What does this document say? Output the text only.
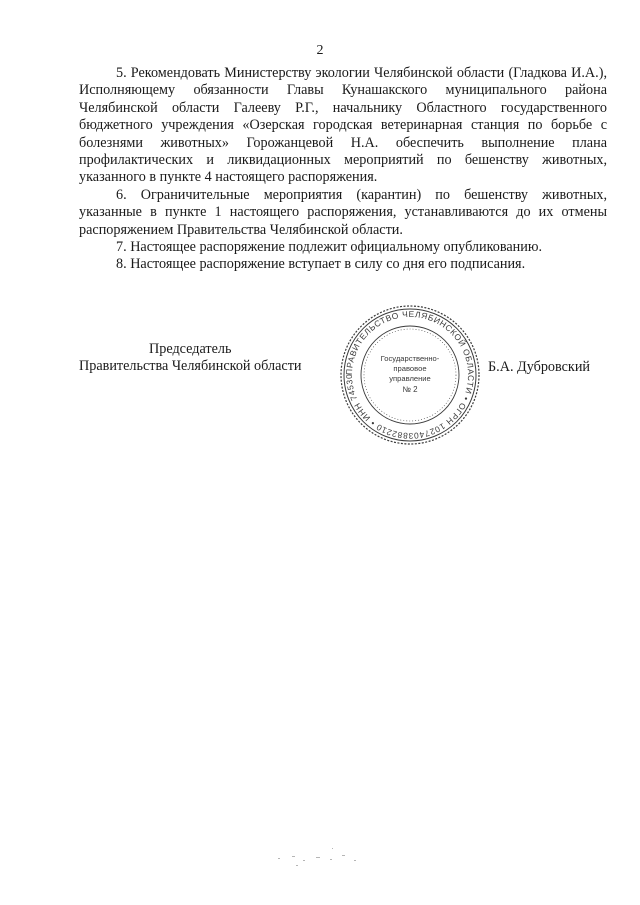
2

5. Рекомендовать Министерству экологии Челябинской области (Гладкова И.А.), Исполняющему обязанности Главы Кунашакского муниципального района Челябинской области Галееву Р.Г., начальнику Областного государственного бюджетного учреждения «Озерская городская ветеринарная станция по борьбе с болезнями животных» Горожанцевой Н.А. обеспечить выполнение плана профилактических и ликвидационных мероприятий по бешенству животных, указанного в пункте 4 настоящего распоряжения.

6. Ограничительные мероприятия (карантин) по бешенству животных, указанные в пункте 1 настоящего распоряжения, устанавливаются до их отмены распоряжением Правительства Челябинской области.

7. Настоящее распоряжение подлежит официальному опубликованию.

8. Настоящее распоряжение вступает в силу со дня его подписания.

Председатель
Правительства Челябинской области	ПРАВИТЕЛЬСТВО ЧЕЛЯБИНСКОЙ ОБЛАСТИ • ОГРН 1027403882210 • ИНН 74530
Государственно-
правовое
управление
№ 2
Б.А. Дубровский
